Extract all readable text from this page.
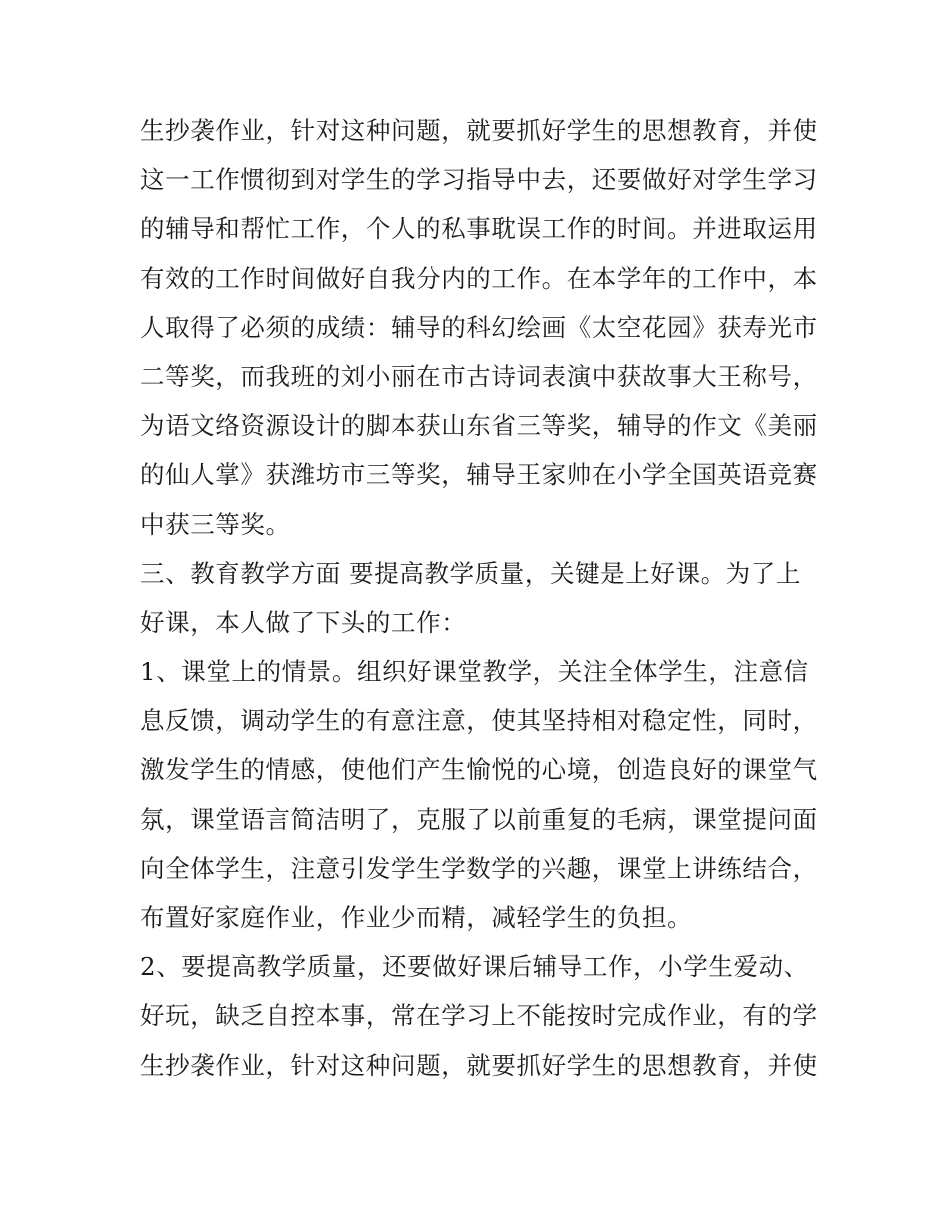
生抄袭作业，针对这种问题，就要抓好学生的思想教育，并使
这一工作惯彻到对学生的学习指导中去，还要做好对学生学习
的辅导和帮忙工作，个人的私事耽误工作的时间。并进取运用
有效的工作时间做好自我分内的工作。在本学年的工作中，本
人取得了必须的成绩：辅导的科幻绘画《太空花园》获寿光市
二等奖，而我班的刘小丽在市古诗词表演中获故事大王称号，
为语文络资源设计的脚本获山东省三等奖，辅导的作文《美丽
的仙人掌》获潍坊市三等奖，辅导王家帅在小学全国英语竞赛
中获三等奖。
三、教育教学方面 要提高教学质量，关键是上好课。为了上
好课，本人做了下头的工作：
1、课堂上的情景。组织好课堂教学，关注全体学生，注意信
息反馈，调动学生的有意注意，使其坚持相对稳定性，同时，
激发学生的情感，使他们产生愉悦的心境，创造良好的课堂气
氛，课堂语言简洁明了，克服了以前重复的毛病，课堂提问面
向全体学生，注意引发学生学数学的兴趣，课堂上讲练结合，
布置好家庭作业，作业少而精，减轻学生的负担。
2、要提高教学质量，还要做好课后辅导工作，小学生爱动、
好玩，缺乏自控本事，常在学习上不能按时完成作业，有的学
生抄袭作业，针对这种问题，就要抓好学生的思想教育，并使
